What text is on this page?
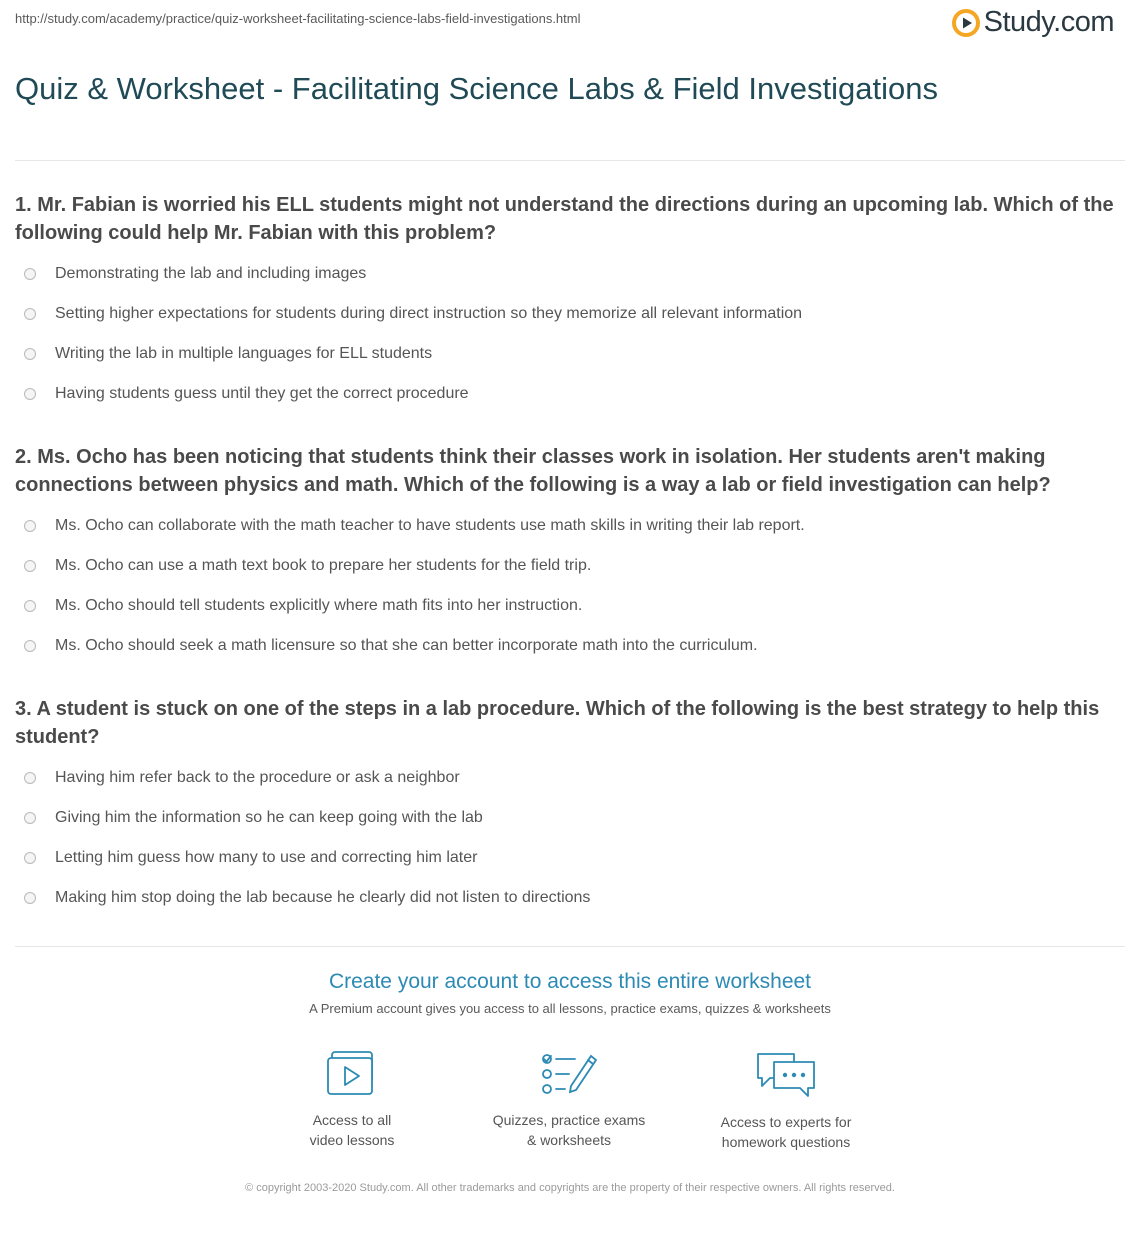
http://study.com/academy/practice/quiz-worksheet-facilitating-science-labs-field-investigations.html	Study.com
Quiz & Worksheet - Facilitating Science Labs & Field Investigations

1. Mr. Fabian is worried his ELL students might not understand the directions during an upcoming lab. Which of the following could help Mr. Fabian with this problem?

Demonstrating the lab and including images
Setting higher expectations for students during direct instruction so they memorize all relevant information
Writing the lab in multiple languages for ELL students
Having students guess until they get the correct procedure

2. Ms. Ocho has been noticing that students think their classes work in isolation. Her students aren't making connections between physics and math. Which of the following is a way a lab or field investigation can help?

Ms. Ocho can collaborate with the math teacher to have students use math skills in writing their lab report.
Ms. Ocho can use a math text book to prepare her students for the field trip.
Ms. Ocho should tell students explicitly where math fits into her instruction.
Ms. Ocho should seek a math licensure so that she can better incorporate math into the curriculum.

3. A student is stuck on one of the steps in a lab procedure. Which of the following is the best strategy to help this student?

Having him refer back to the procedure or ask a neighbor
Giving him the information so he can keep going with the lab
Letting him guess how many to use and correcting him later
Making him stop doing the lab because he clearly did not listen to directions
Create your account to access this entire worksheet
A Premium account gives you access to all lessons, practice exams, quizzes & worksheets
Access to all
video lessons
Quizzes, practice exams
& worksheets
Access to experts for
homework questions
© copyright 2003-2020 Study.com. All other trademarks and copyrights are the property of their respective owners. All rights reserved.
